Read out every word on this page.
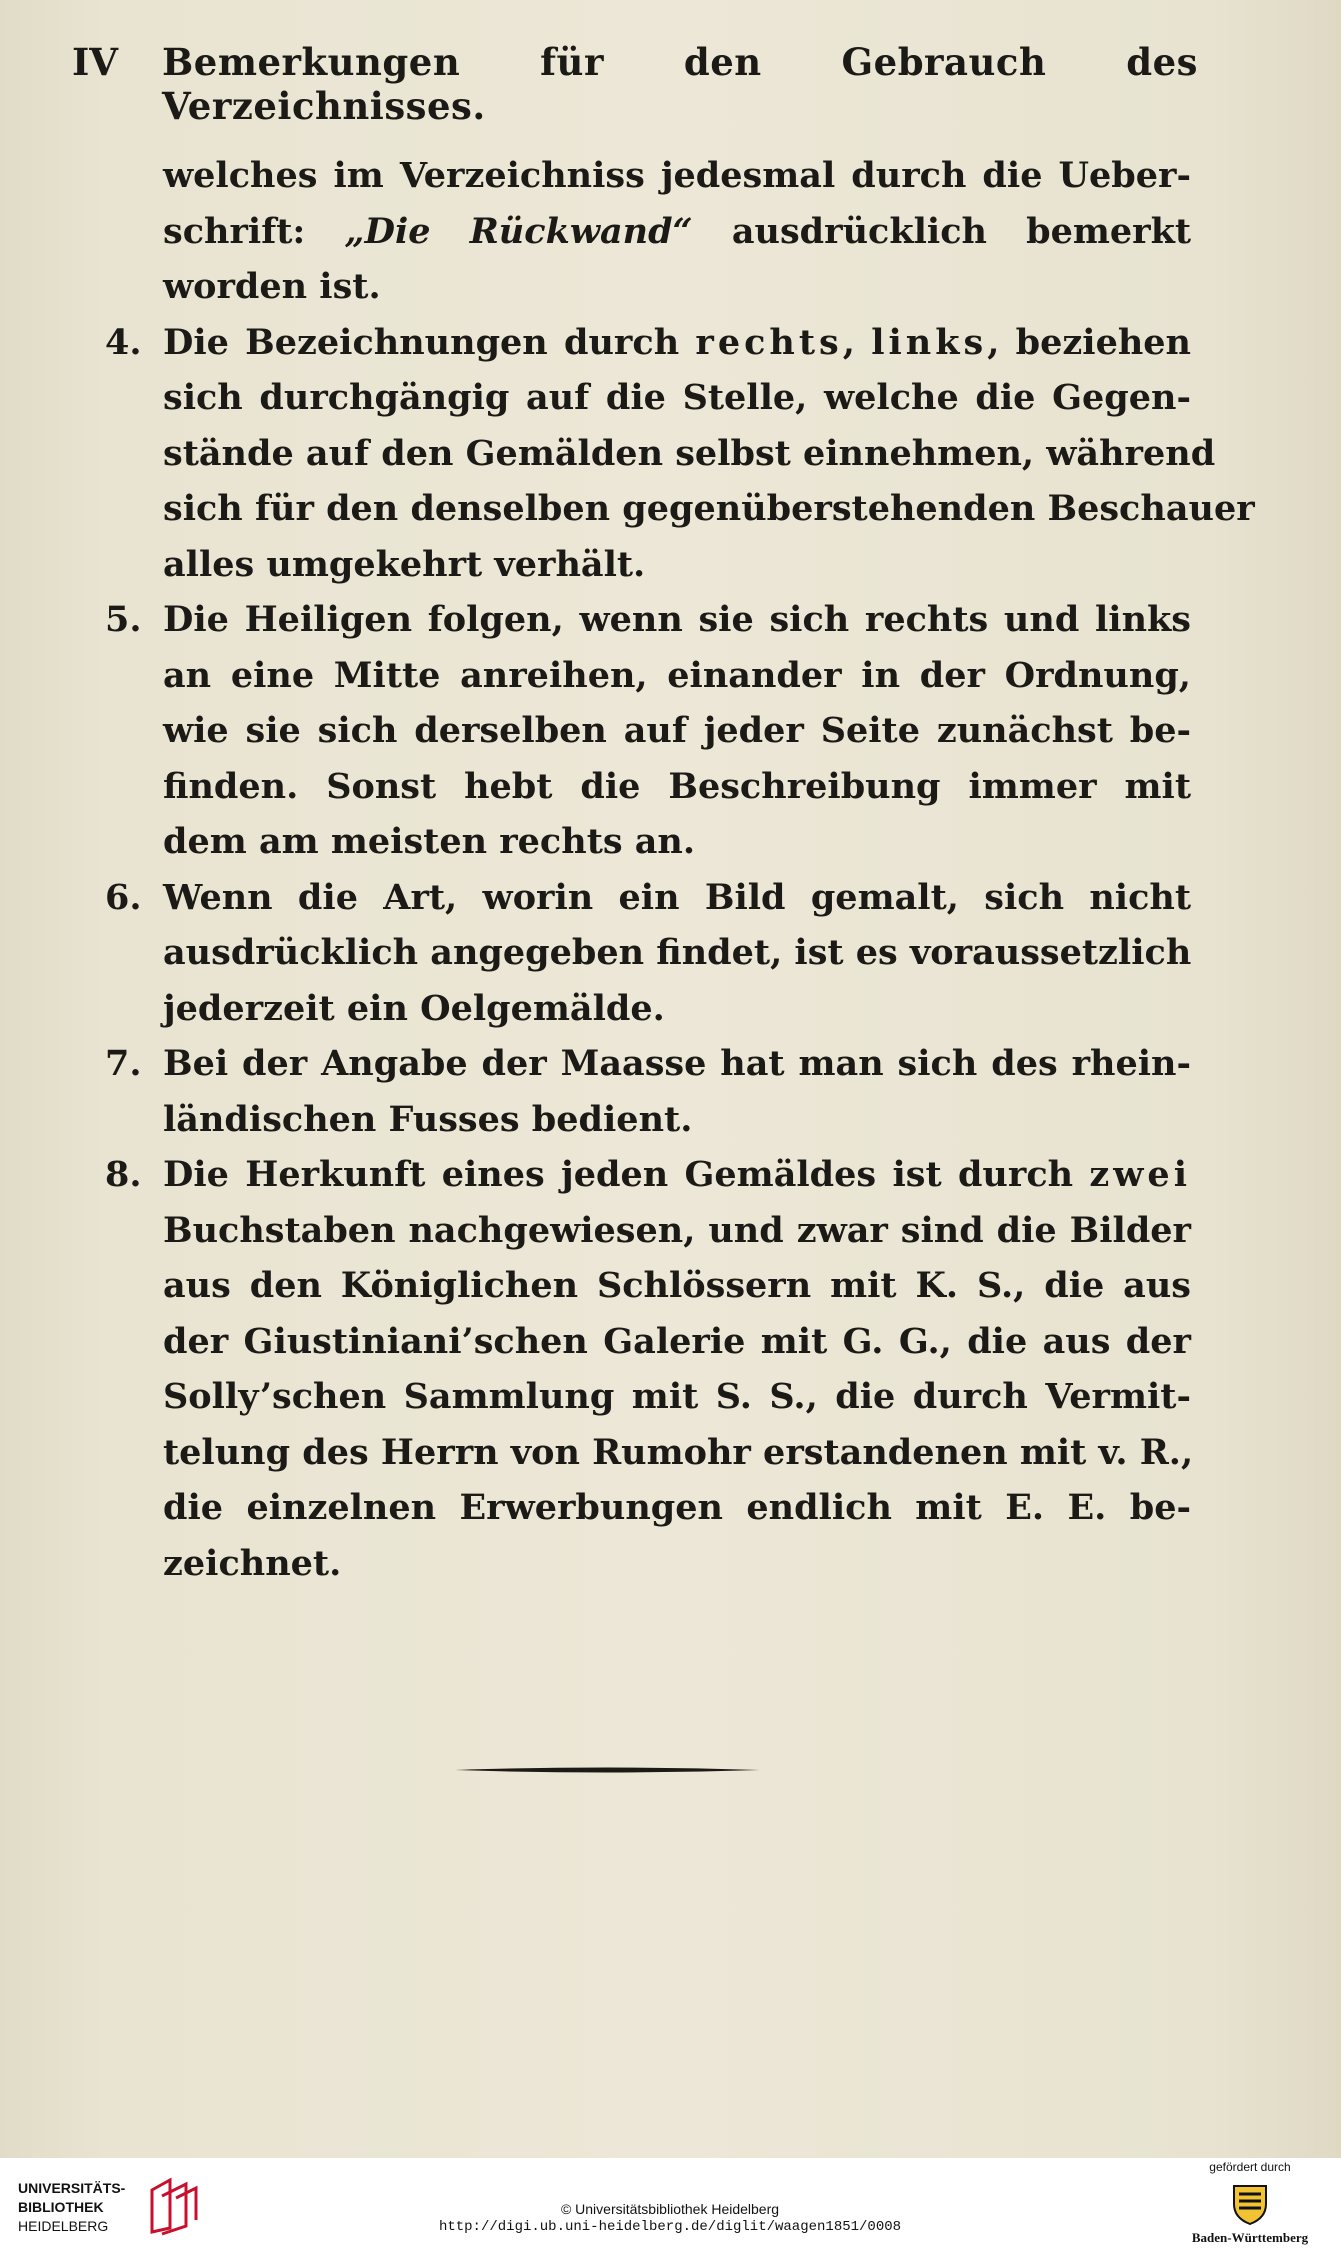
IV Bemerkungen für den Gebrauch des Verzeichnisses.

welches im Verzeichniss jedesmal durch die Ueber-
schrift: „Die Rückwand“ ausdrücklich bemerkt
worden ist.
4. Die Bezeichnungen durch rechts, links, beziehen
sich durchgängig auf die Stelle, welche die Gegen-
stände auf den Gemälden selbst einnehmen, während
sich für den denselben gegenüberstehenden Beschauer
alles umgekehrt verhält.
5. Die Heiligen folgen, wenn sie sich rechts und links
an eine Mitte anreihen, einander in der Ordnung,
wie sie sich derselben auf jeder Seite zunächst be-
finden. Sonst hebt die Beschreibung immer mit
dem am meisten rechts an.
6. Wenn die Art, worin ein Bild gemalt, sich nicht
ausdrücklich angegeben findet, ist es voraussetzlich
jederzeit ein Oelgemälde.
7. Bei der Angabe der Maasse hat man sich des rhein-
ländischen Fusses bedient.
8. Die Herkunft eines jeden Gemäldes ist durch zwei
Buchstaben nachgewiesen, und zwar sind die Bilder
aus den Königlichen Schlössern mit K. S., die aus
der Giustiniani’schen Galerie mit G. G., die aus der
Solly’schen Sammlung mit S. S., die durch Vermit-
telung des Herrn von Rumohr erstandenen mit v. R.,
die einzelnen Erwerbungen endlich mit E. E. be-
zeichnet.
UNIVERSITÄTS-
BIBLIOTHEK
HEIDELBERG
© Universitätsbibliothek Heidelberg
http://digi.ub.uni-heidelberg.de/diglit/waagen1851/0008
gefördert durch
Baden-Württemberg
